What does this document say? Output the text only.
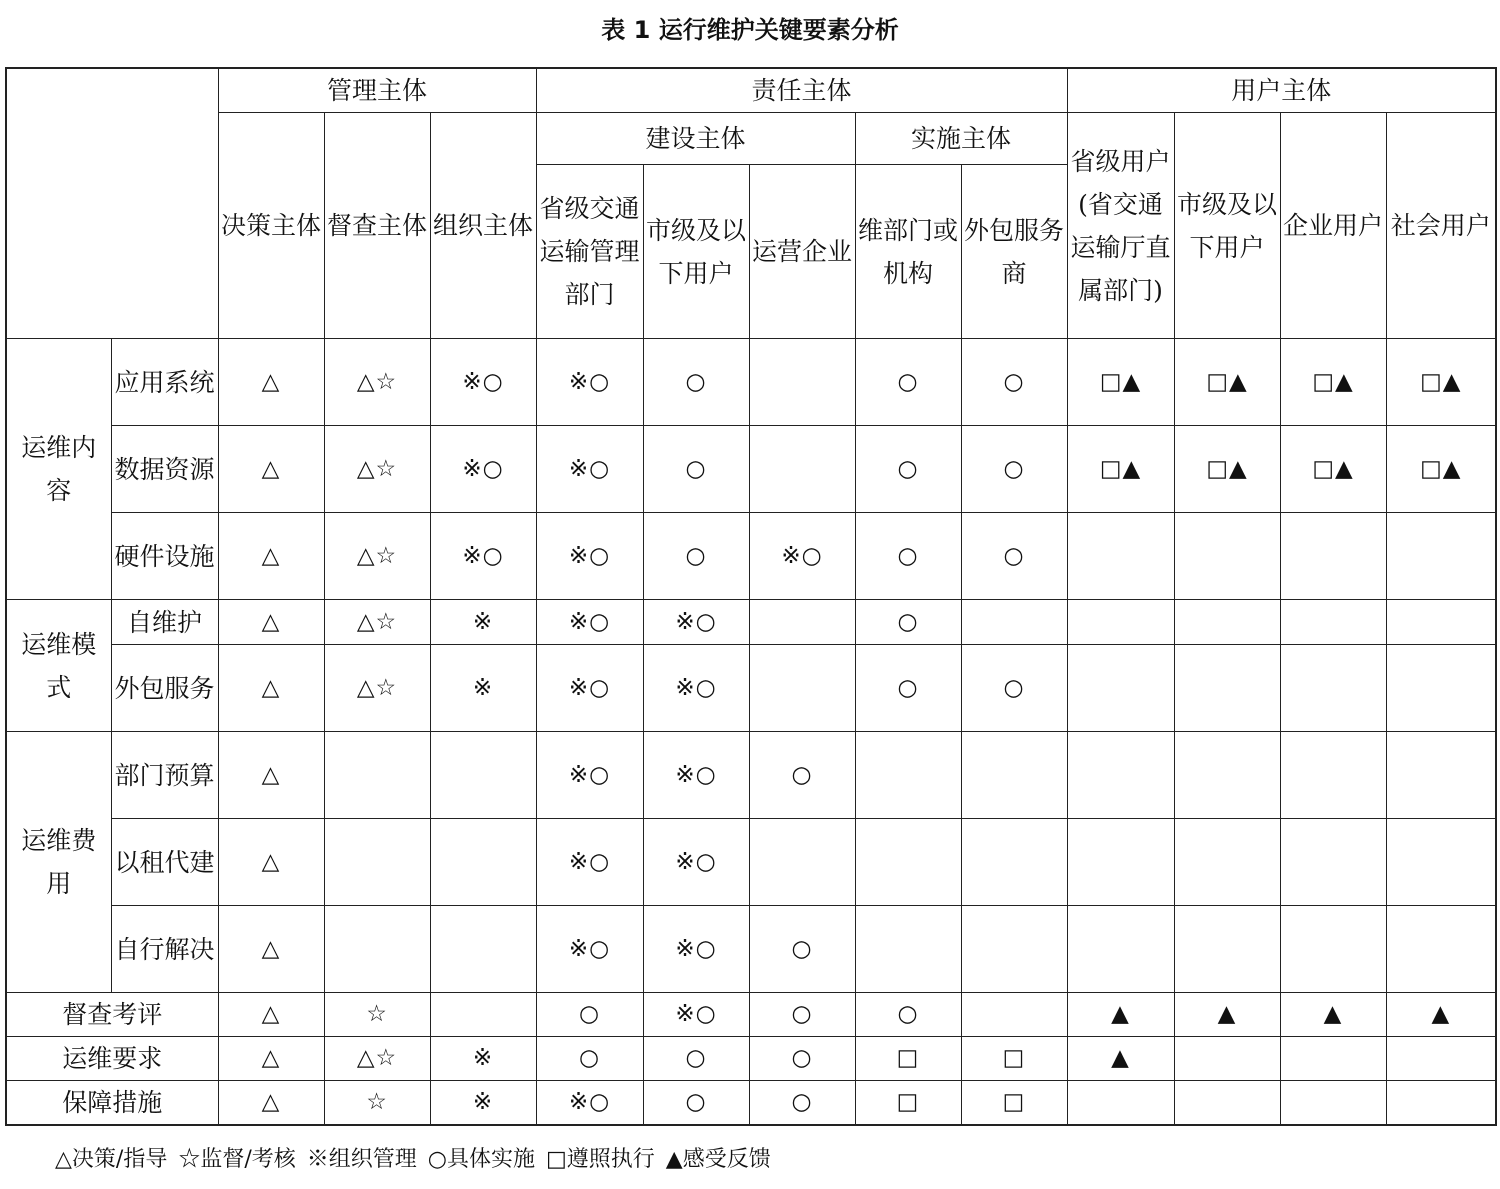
表 1 运行维护关键要素分析
		管理主体			责任主体					用户主体			
		决策主体	督查主体	组织主体	建设主体			实施主体		省级用户(省交通运输厅直属部门)	市级及以下用户	企业用户	社会用户
					省级交通运输管理部门	市级及以下用户	运营企业	维部门或机构	外包服务商				
运维内容	应用系统	△	△☆	※○	※○	○		○	○	□▲	□▲	□▲	□▲
	数据资源	△	△☆	※○	※○	○		○	○	□▲	□▲	□▲	□▲
	硬件设施	△	△☆	※○	※○	○	※○	○	○				
运维模式	自维护	△	△☆	※	※○	※○		○					
	外包服务	△	△☆	※	※○	※○		○	○				
运维费用	部门预算	△			※○	※○	○						
	以租代建	△			※○	※○							
	自行解决	△			※○	※○	○						
督查考评		△	☆		○	※○	○	○		▲	▲	▲	▲
运维要求		△	△☆	※	○	○	○	□	□	▲			
保障措施		△	☆	※	※○	○	○	□	□				
△决策/指导 ☆监督/考核 ※组织管理 ○具体实施 □遵照执行 ▲感受反馈
